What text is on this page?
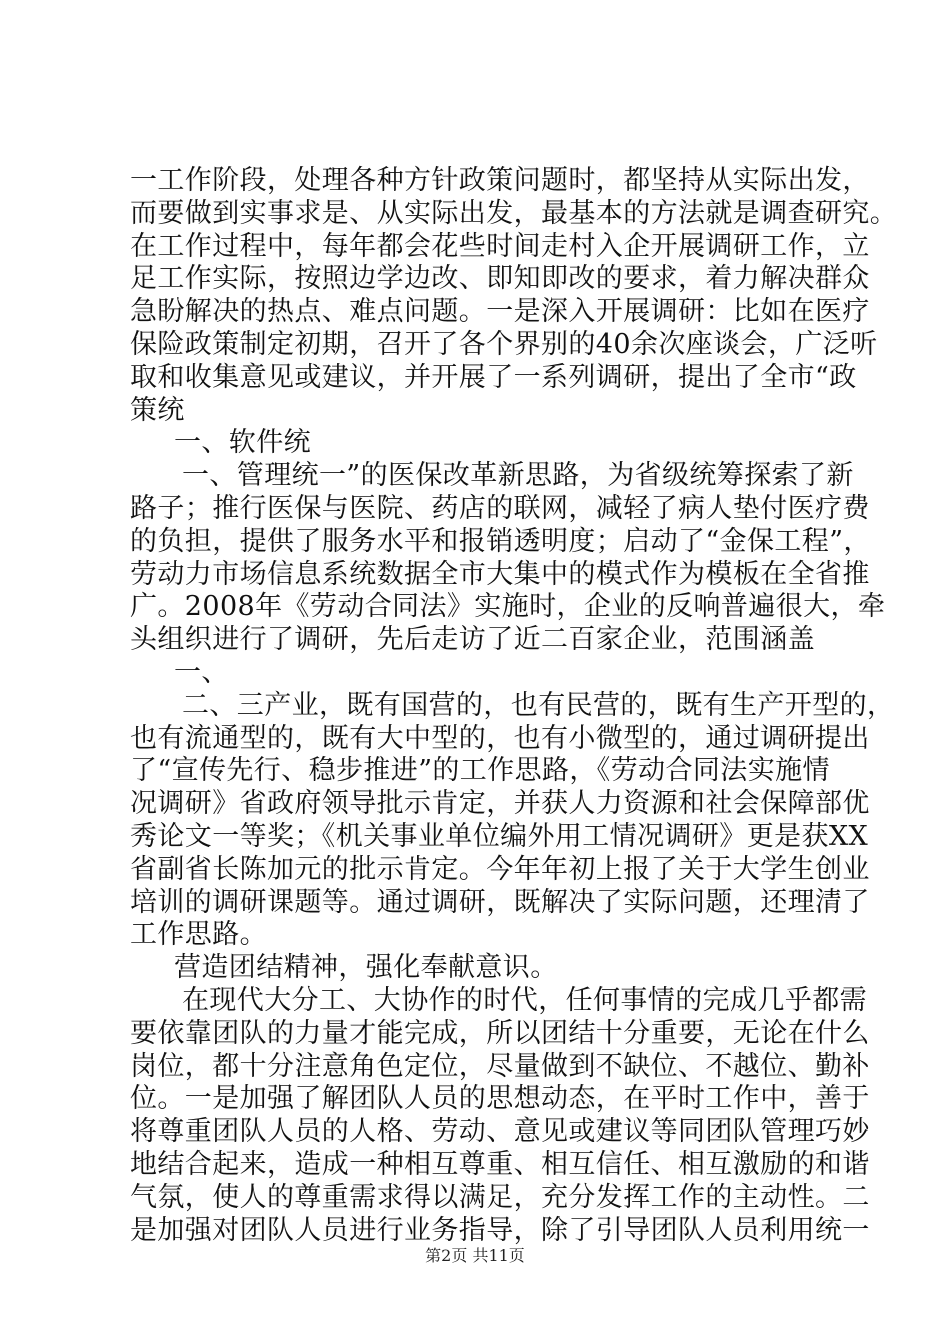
一工作阶段，处理各种方针政策问题时，都坚持从实际出发，
而要做到实事求是、从实际出发，最基本的方法就是调查研究。
在工作过程中，每年都会花些时间走村入企开展调研工作，立
足工作实际，按照边学边改、即知即改的要求，着力解决群众
急盼解决的热点、难点问题。一是深入开展调研：比如在医疗
保险政策制定初期，召开了各个界别的40余次座谈会，广泛听
取和收集意见或建议，并开展了一系列调研，提出了全市“政
策统
一、软件统
一、管理统一”的医保改革新思路，为省级统筹探索了新
路子；推行医保与医院、药店的联网，减轻了病人垫付医疗费
的负担，提供了服务水平和报销透明度；启动了“金保工程”，
劳动力市场信息系统数据全市大集中的模式作为模板在全省推
广。2008年《劳动合同法》实施时，企业的反响普遍很大，牵
头组织进行了调研，先后走访了近二百家企业，范围涵盖
一、
二、三产业，既有国营的，也有民营的，既有生产开型的，
也有流通型的，既有大中型的，也有小微型的，通过调研提出
了“宣传先行、稳步推进”的工作思路，《劳动合同法实施情
况调研》省政府领导批示肯定，并获人力资源和社会保障部优
秀论文一等奖；《机关事业单位编外用工情况调研》更是获XX
省副省长陈加元的批示肯定。今年年初上报了关于大学生创业
培训的调研课题等。通过调研，既解决了实际问题，还理清了
工作思路。
营造团结精神，强化奉献意识。
在现代大分工、大协作的时代，任何事情的完成几乎都需
要依靠团队的力量才能完成，所以团结十分重要，无论在什么
岗位，都十分注意角色定位，尽量做到不缺位、不越位、勤补
位。一是加强了解团队人员的思想动态，在平时工作中，善于
将尊重团队人员的人格、劳动、意见或建议等同团队管理巧妙
地结合起来，造成一种相互尊重、相互信任、相互激励的和谐
气氛，使人的尊重需求得以满足，充分发挥工作的主动性。二
是加强对团队人员进行业务指导，除了引导团队人员利用统一
第2页 共11页
